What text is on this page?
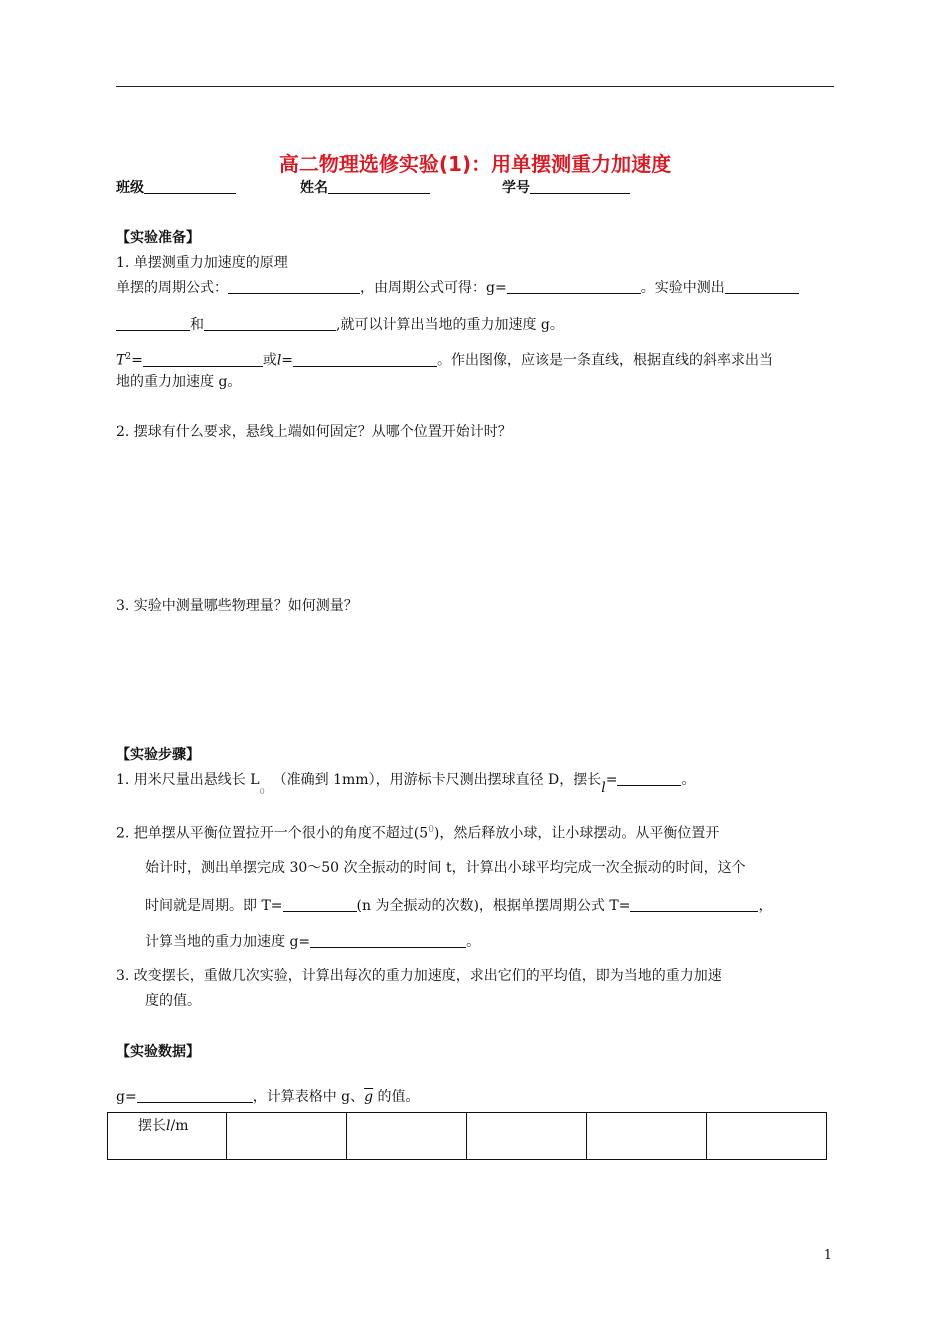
高二物理选修实验(1)：用单摆测重力加速度
班级	姓名	学号
【实验准备】
1. 单摆测重力加速度的原理
单摆的周期公式：	，由周期公式可得：g=	。实验中测出
和	,就可以计算出当地的重力加速度 g。
$T^2=$	或l=	。作出图像，应该是一条直线，根据直线的斜率求出当
地的重力加速度 g。
2. 摆球有什么要求，悬线上端如何固定？从哪个位置开始计时？
3. 实验中测量哪些物理量？如何测量？
【实验步骤】
1. 用米尺量出悬线长 $L_0$（准确到 1mm），用游标卡尺测出摆球直径 D，摆长l=	。
2. 把单摆从平衡位置拉开一个很小的角度不超过$(5^0)$，然后释放小球，让小球摆动。从平衡位置开
始计时，测出单摆完成 30～50 次全振动的时间 t，计算出小球平均完成一次全振动的时间，这个
时间就是周期。即 T=	(n 为全振动的次数)，根据单摆周期公式 T=	，
计算当地的重力加速度 g=	。
3. 改变摆长，重做几次实验，计算出每次的重力加速度，求出它们的平均值，即为当地的重力加速
度的值。
【实验数据】
g=	，计算表格中 g、$\overline{g}$ 的值。
摆长l/m

1
